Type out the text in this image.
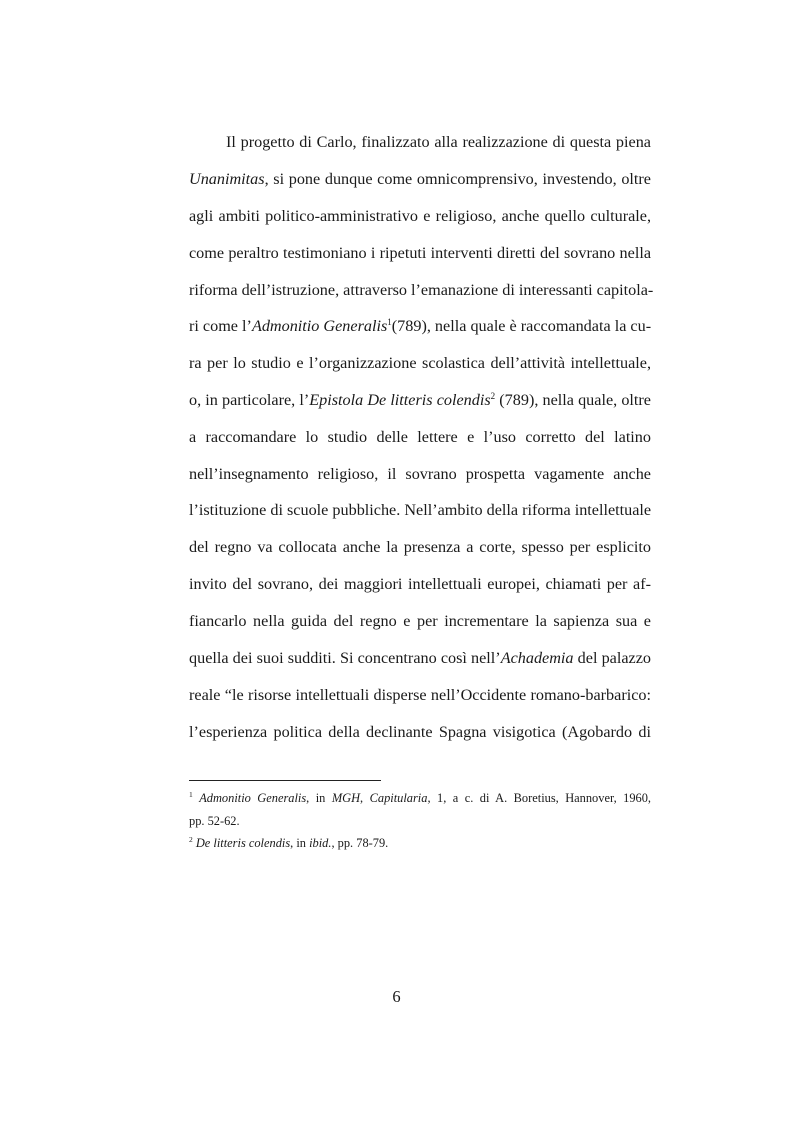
Il progetto di Carlo, finalizzato alla realizzazione di questa piena
Unanimitas, si pone dunque come omnicomprensivo, investendo, oltre
agli ambiti politico-amministrativo e religioso, anche quello culturale,
come peraltro testimoniano i ripetuti interventi diretti del sovrano nella
riforma dell’istruzione, attraverso l’emanazione di interessanti capitola-
ri come l’Admonitio Generalis$^1$(789), nella quale è raccomandata la cu-
ra per lo studio e l’organizzazione scolastica dell’attività intellettuale,
o, in particolare, l’Epistola De litteris colendis$^2$ (789), nella quale, oltre
a raccomandare lo studio delle lettere e l’uso corretto del latino
nell’insegnamento religioso, il sovrano prospetta vagamente anche
l’istituzione di scuole pubbliche. Nell’ambito della riforma intellettuale
del regno va collocata anche la presenza a corte, spesso per esplicito
invito del sovrano, dei maggiori intellettuali europei, chiamati per af-
fiancarlo nella guida del regno e per incrementare la sapienza sua e
quella dei suoi sudditi. Si concentrano così nell’Achademia del palazzo
reale “le risorse intellettuali disperse nell’Occidente romano-barbarico:
l’esperienza politica della declinante Spagna visigotica (Agobardo di
$^1$ Admonitio Generalis, in MGH, Capitularia, 1, a c. di A. Boretius, Hannover, 1960,
pp. 52-62.
$^2$ De litteris colendis, in ibid., pp. 78-79.
6
